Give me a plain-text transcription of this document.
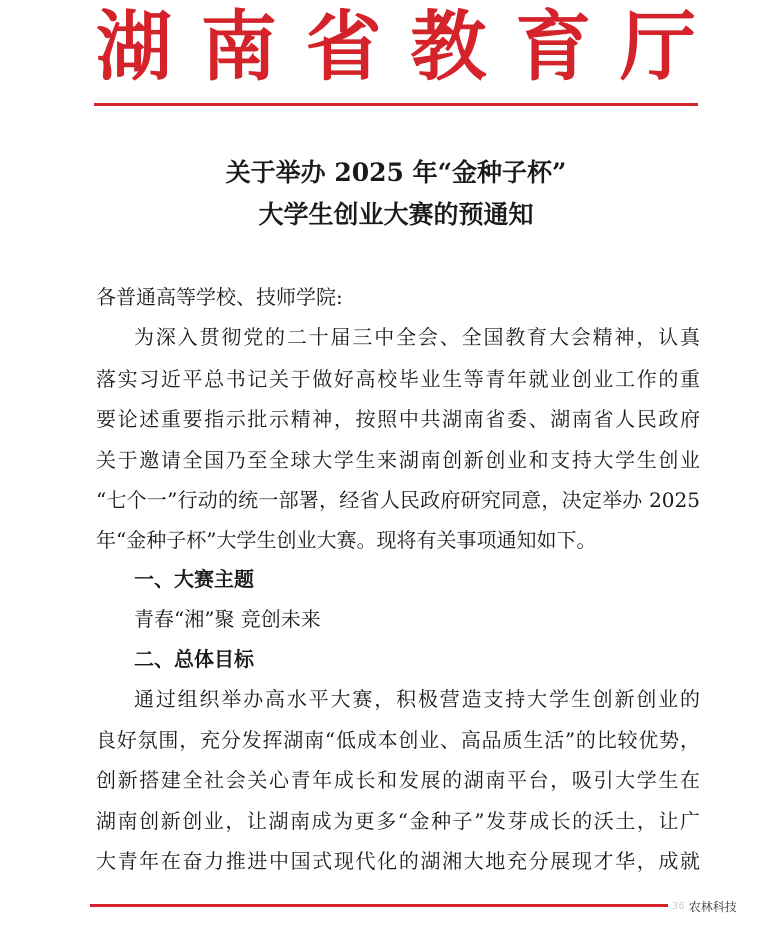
湖 南 省 教 育 厅
关于举办 2025 年“金种子杯”
大学生创业大赛的预通知
各普通高等学校、技师学院:
为深入贯彻党的二十届三中全会、全国教育大会精神，认真
落实习近平总书记关于做好高校毕业生等青年就业创业工作的重
要论述重要指示批示精神，按照中共湖南省委、湖南省人民政府
关于邀请全国乃至全球大学生来湖南创新创业和支持大学生创业
“七个一”行动的统一部署，经省人民政府研究同意，决定举办 2025
年“金种子杯”大学生创业大赛。现将有关事项通知如下。
一、大赛主题
青春“湘”聚 竞创未来
二、总体目标
通过组织举办高水平大赛，积极营造支持大学生创新创业的
良好氛围，充分发挥湖南“低成本创业、高品质生活”的比较优势，
创新搭建全社会关心青年成长和发展的湖南平台，吸引大学生在
湖南创新创业，让湖南成为更多“金种子”发芽成长的沃土，让广
大青年在奋力推进中国式现代化的湖湘大地充分展现才华，成就
36 农林科技
